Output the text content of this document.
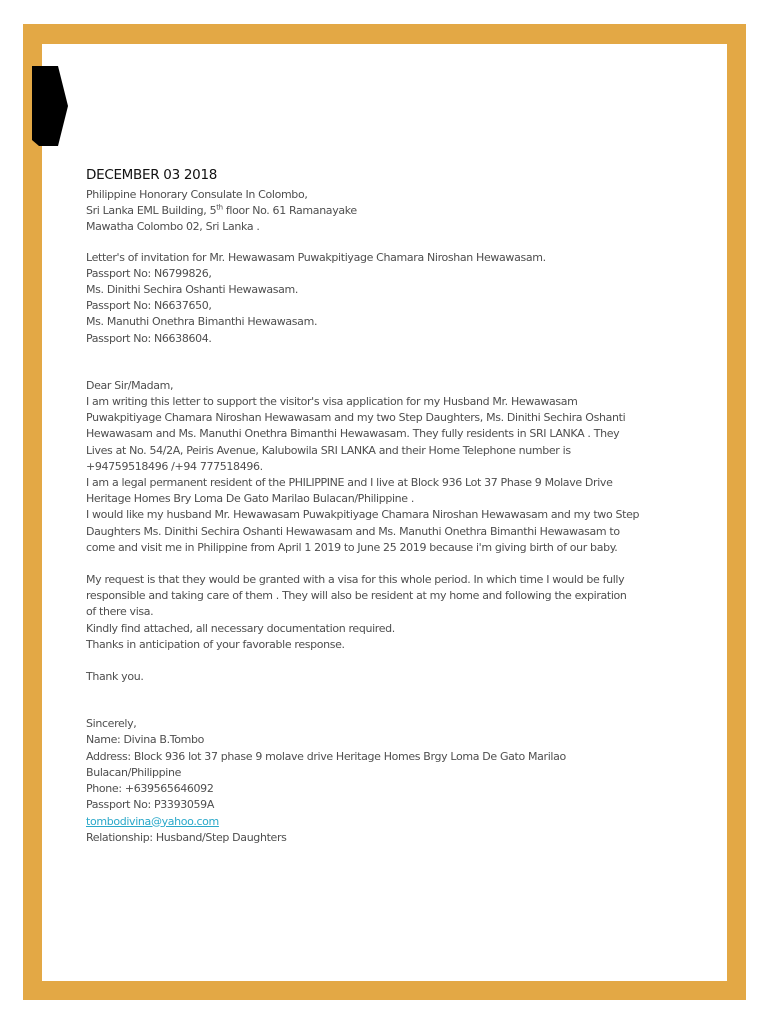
DECEMBER 03 2018
Philippine Honorary Consulate In Colombo,
Sri Lanka EML Building, 5th floor No. 61 Ramanayake
Mawatha Colombo 02, Sri Lanka .
Letter's of invitation for Mr. Hewawasam Puwakpitiyage Chamara Niroshan Hewawasam.
Passport No: N6799826,
Ms. Dinithi Sechira Oshanti Hewawasam.
Passport No: N6637650,
Ms. Manuthi Onethra Bimanthi Hewawasam.
Passport No: N6638604.
Dear Sir/Madam,
I am writing this letter to support the visitor's visa application for my Husband Mr. Hewawasam
Puwakpitiyage Chamara Niroshan Hewawasam and my two Step Daughters, Ms. Dinithi Sechira Oshanti
Hewawasam and Ms. Manuthi Onethra Bimanthi Hewawasam. They fully residents in SRI LANKA . They
Lives at No. 54/2A, Peiris Avenue, Kalubowila SRI LANKA and their Home Telephone number is
+94759518496 /+94 777518496.
I am a legal permanent resident of the PHILIPPINE and I live at Block 936 Lot 37 Phase 9 Molave Drive
Heritage Homes Bry Loma De Gato Marilao Bulacan/Philippine .
I would like my husband Mr. Hewawasam Puwakpitiyage Chamara Niroshan Hewawasam and my two Step
Daughters Ms. Dinithi Sechira Oshanti Hewawasam and Ms. Manuthi Onethra Bimanthi Hewawasam to
come and visit me in Philippine from April 1 2019 to June 25 2019 because i'm giving birth of our baby.
My request is that they would be granted with a visa for this whole period. In which time I would be fully
responsible and taking care of them . They will also be resident at my home and following the expiration
of there visa.
Kindly find attached, all necessary documentation required.
Thanks in anticipation of your favorable response.
Thank you.
Sincerely,
Name: Divina B.Tombo
Address: Block 936 lot 37 phase 9 molave drive Heritage Homes Brgy Loma De Gato Marilao
Bulacan/Philippine
Phone: +639565646092
Passport No: P3393059A
tombodivina@yahoo.com
Relationship: Husband/Step Daughters
